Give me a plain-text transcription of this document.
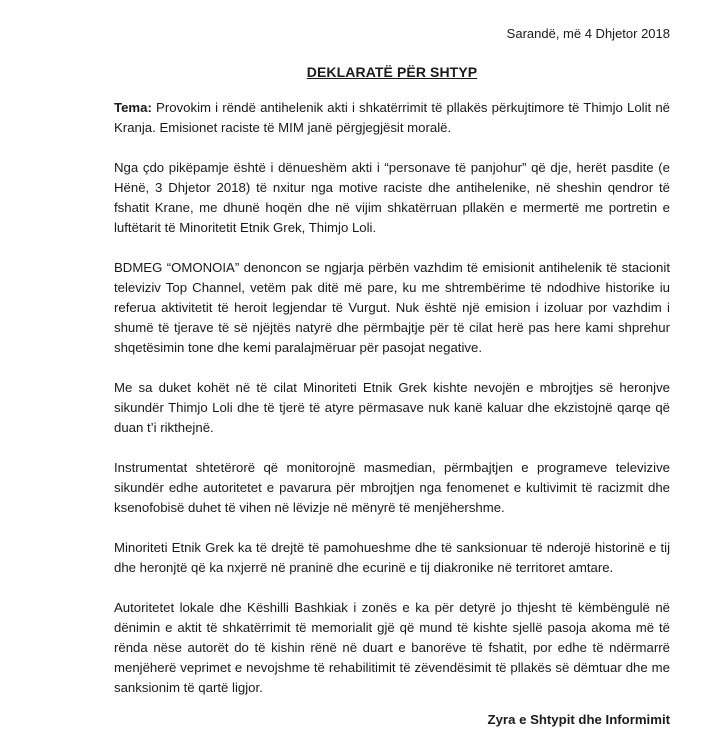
Sarandë, më 4 Dhjetor 2018
DEKLARATË PËR SHTYP

Tema: Provokim i rëndë antihelenik akti i shkatërrimit të pllakës përkujtimore të Thimjo Lolit në Kranja. Emisionet raciste të MIM janë përgjegjësit moralë.

Nga çdo pikëpamje është i dënueshëm akti i “personave të panjohur” që dje, herët pasdite (e Hënë, 3 Dhjetor 2018) të nxitur nga motive raciste dhe antihelenike, në sheshin qendror të fshatit Krane, me dhunë hoqën dhe në vijim shkatërruan pllakën e mermertë me portretin e luftëtarit të Minoritetit Etnik Grek, Thimjo Loli.

BDMEG “OMONOIA” denoncon se ngjarja përbën vazhdim të emisionit antihelenik të stacionit televiziv Top Channel, vetëm pak ditë më pare, ku me shtrembërime të ndodhive historike iu referua aktivitetit të heroit legjendar të Vurgut. Nuk është një emision i izoluar por vazhdim i shumë të tjerave të së njëjtës natyrë dhe përmbajtje për të cilat herë pas here kami shprehur shqetësimin tone dhe kemi paralajmëruar për pasojat negative.

Me sa duket kohët në të cilat Minoriteti Etnik Grek kishte nevojën e mbrojtjes së heronjve sikundër Thimjo Loli dhe të tjerë të atyre përmasave nuk kanë kaluar dhe ekzistojnë qarqe që duan t’i rikthejnë.

Instrumentat shtetërorë që monitorojnë masmedian, përmbajtjen e programeve televizive sikundër edhe autoritetet e pavarura për mbrojtjen nga fenomenet e kultivimit të racizmit dhe ksenofobisë duhet të vihen në lëvizje në mënyrë të menjëhershme.

Minoriteti Etnik Grek ka të drejtë të pamohueshme dhe të sanksionuar të nderojë historinë e tij dhe heronjtë që ka nxjerrë në praninë dhe ecurinë e tij diakronike në territoret amtare.

Autoritetet lokale dhe Këshilli Bashkiak i zonës e ka për detyrë jo thjesht të këmbëngulë në dënimin e aktit të shkatërrimit të memorialit gjë që mund të kishte sjellë pasoja akoma më të rënda nëse autorët do të kishin rënë në duart e banorëve të fshatit, por edhe të ndërmarrë menjëherë veprimet e nevojshme të rehabilitimit të zëvendësimit të pllakës së dëmtuar dhe me sanksionim të qartë ligjor.

Zyra e Shtypit dhe Informimit
